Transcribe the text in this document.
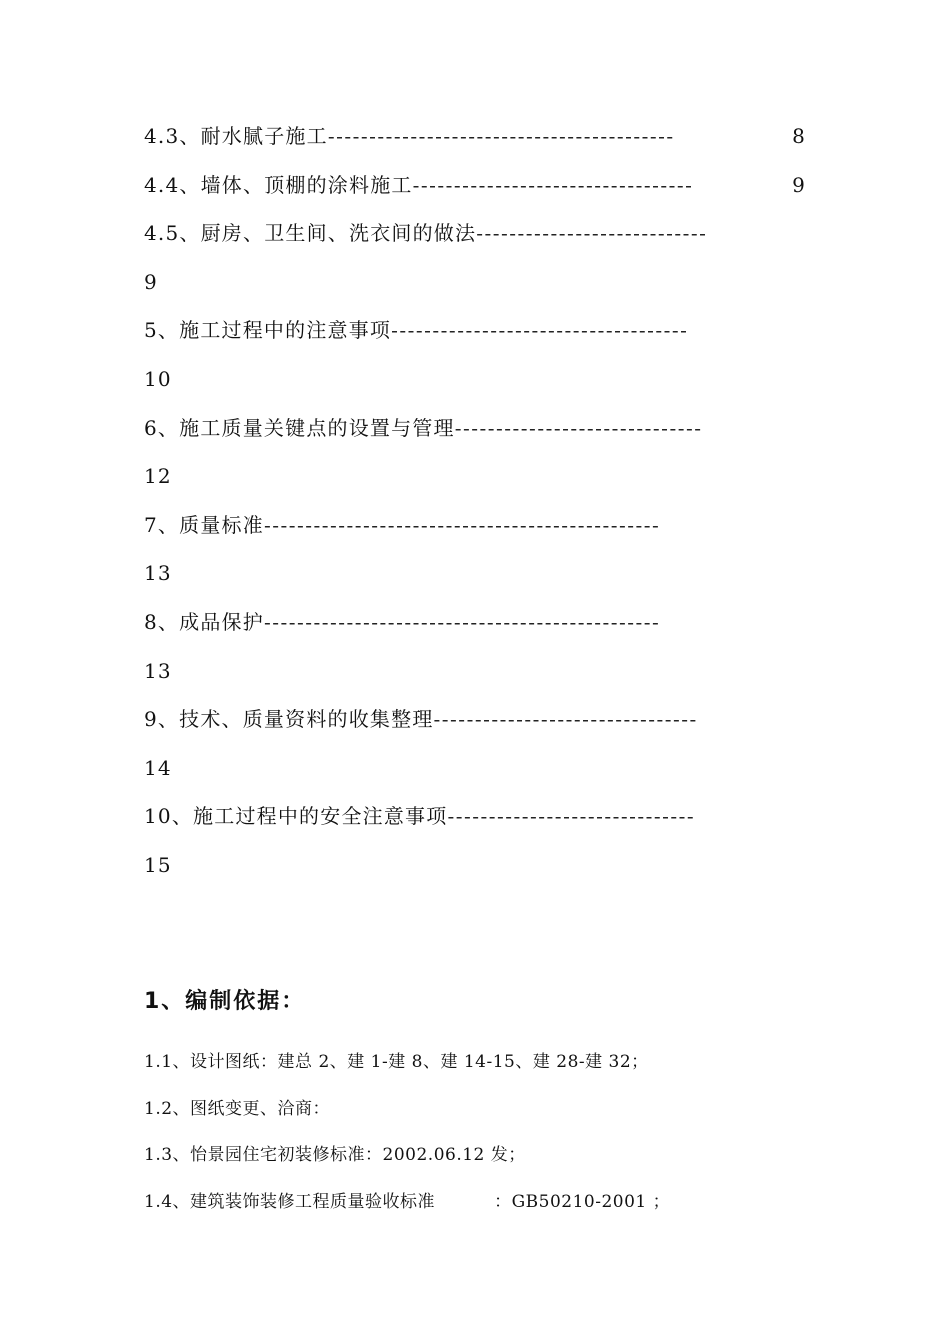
4.3、耐水腻子施工------------------------------------------	8
4.4、墙体、顶棚的涂料施工----------------------------------	9
4.5、厨房、卫生间、洗衣间的做法----------------------------
9
5、施工过程中的注意事项------------------------------------
10
6、施工质量关键点的设置与管理------------------------------
12
7、质量标准------------------------------------------------
13
8、成品保护------------------------------------------------
13
9、技术、质量资料的收集整理--------------------------------
14
10、施工过程中的安全注意事项------------------------------
15
1、编制依据：
1.1、设计图纸：建总 2、建 1-建 8、建 14-15、建 28-建 32；
1.2、图纸变更、洽商：
1.3、怡景园住宅初装修标准：2002.06.12 发；
1.4、建筑装饰装修工程质量验收标准          ：GB50210-2001 ；
